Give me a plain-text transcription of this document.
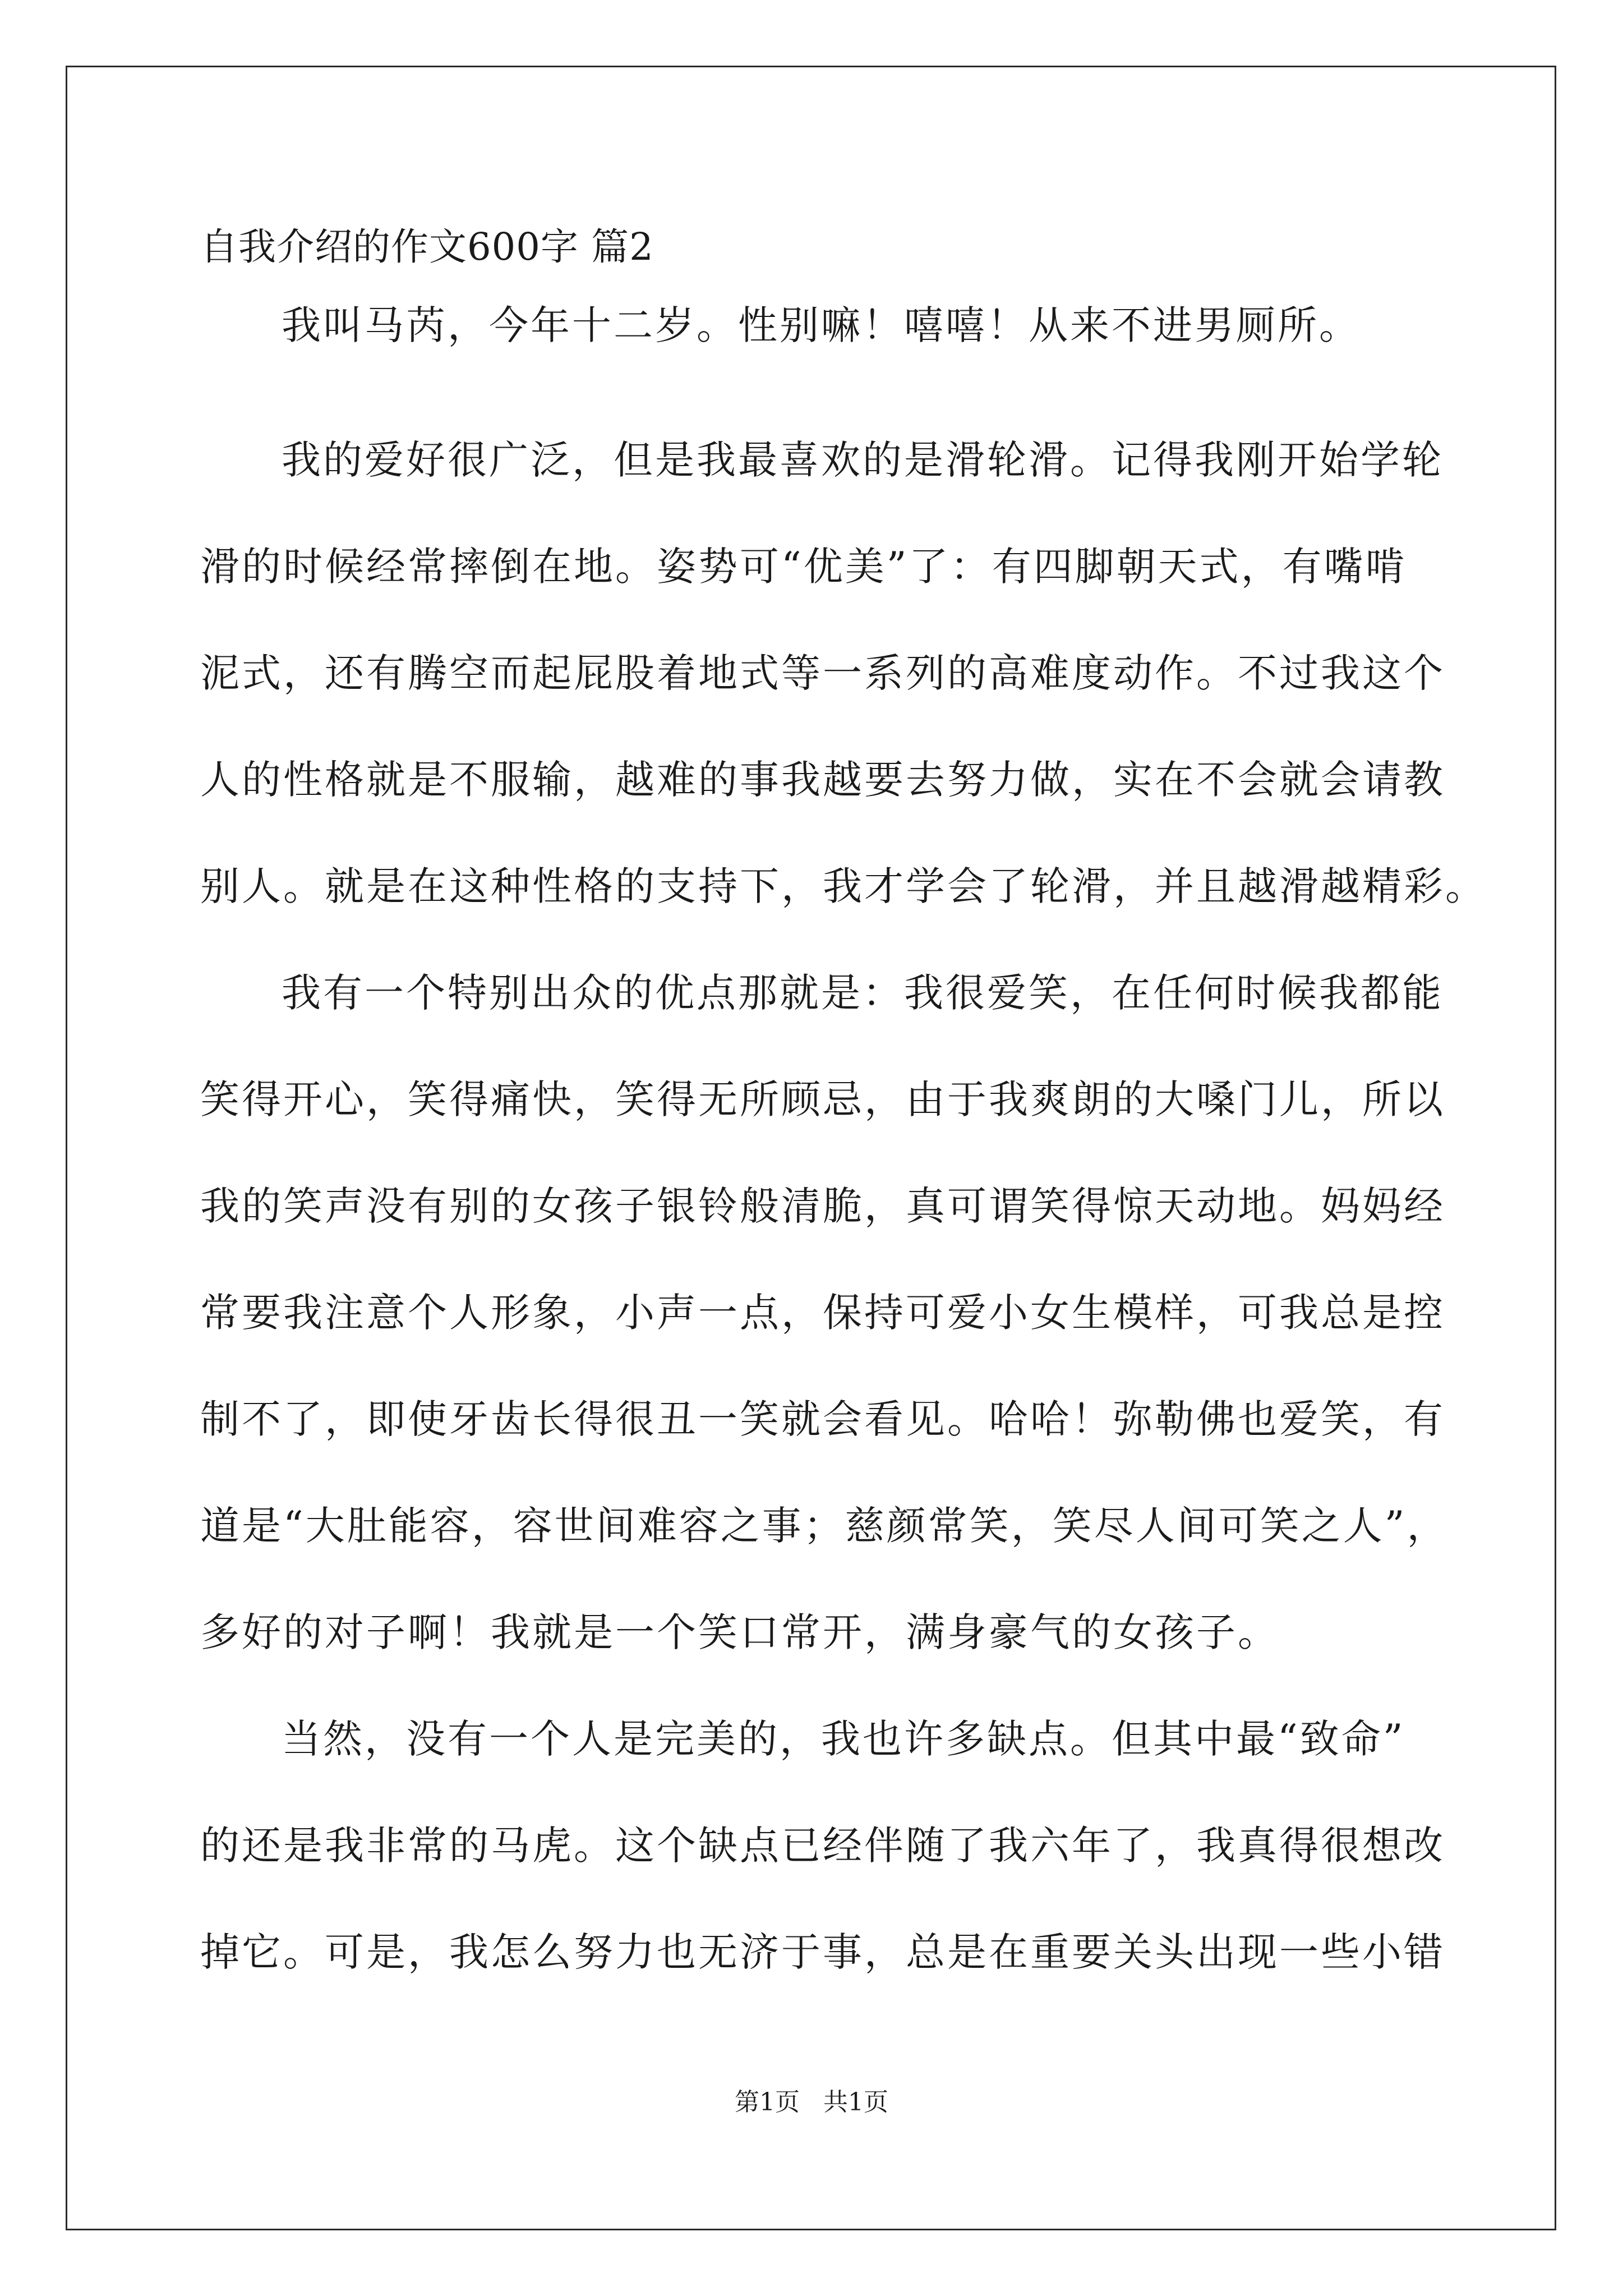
自我介绍的作文600字 篇2
我叫马芮，今年十二岁。性别嘛！嘻嘻！从来不进男厕所。
我的爱好很广泛，但是我最喜欢的是滑轮滑。记得我刚开始学轮
滑的时候经常摔倒在地。姿势可“优美”了：有四脚朝天式，有嘴啃
泥式，还有腾空而起屁股着地式等一系列的高难度动作。不过我这个
人的性格就是不服输，越难的事我越要去努力做，实在不会就会请教
别人。就是在这种性格的支持下，我才学会了轮滑，并且越滑越精彩。
我有一个特别出众的优点那就是：我很爱笑，在任何时候我都能
笑得开心，笑得痛快，笑得无所顾忌，由于我爽朗的大嗓门儿，所以
我的笑声没有别的女孩子银铃般清脆，真可谓笑得惊天动地。妈妈经
常要我注意个人形象，小声一点，保持可爱小女生模样，可我总是控
制不了，即使牙齿长得很丑一笑就会看见。哈哈！弥勒佛也爱笑，有
道是“大肚能容，容世间难容之事；慈颜常笑，笑尽人间可笑之人”，
多好的对子啊！我就是一个笑口常开，满身豪气的女孩子。
当然，没有一个人是完美的，我也许多缺点。但其中最“致命”
的还是我非常的马虎。这个缺点已经伴随了我六年了，我真得很想改
掉它。可是，我怎么努力也无济于事，总是在重要关头出现一些小错
第1页   共1页
